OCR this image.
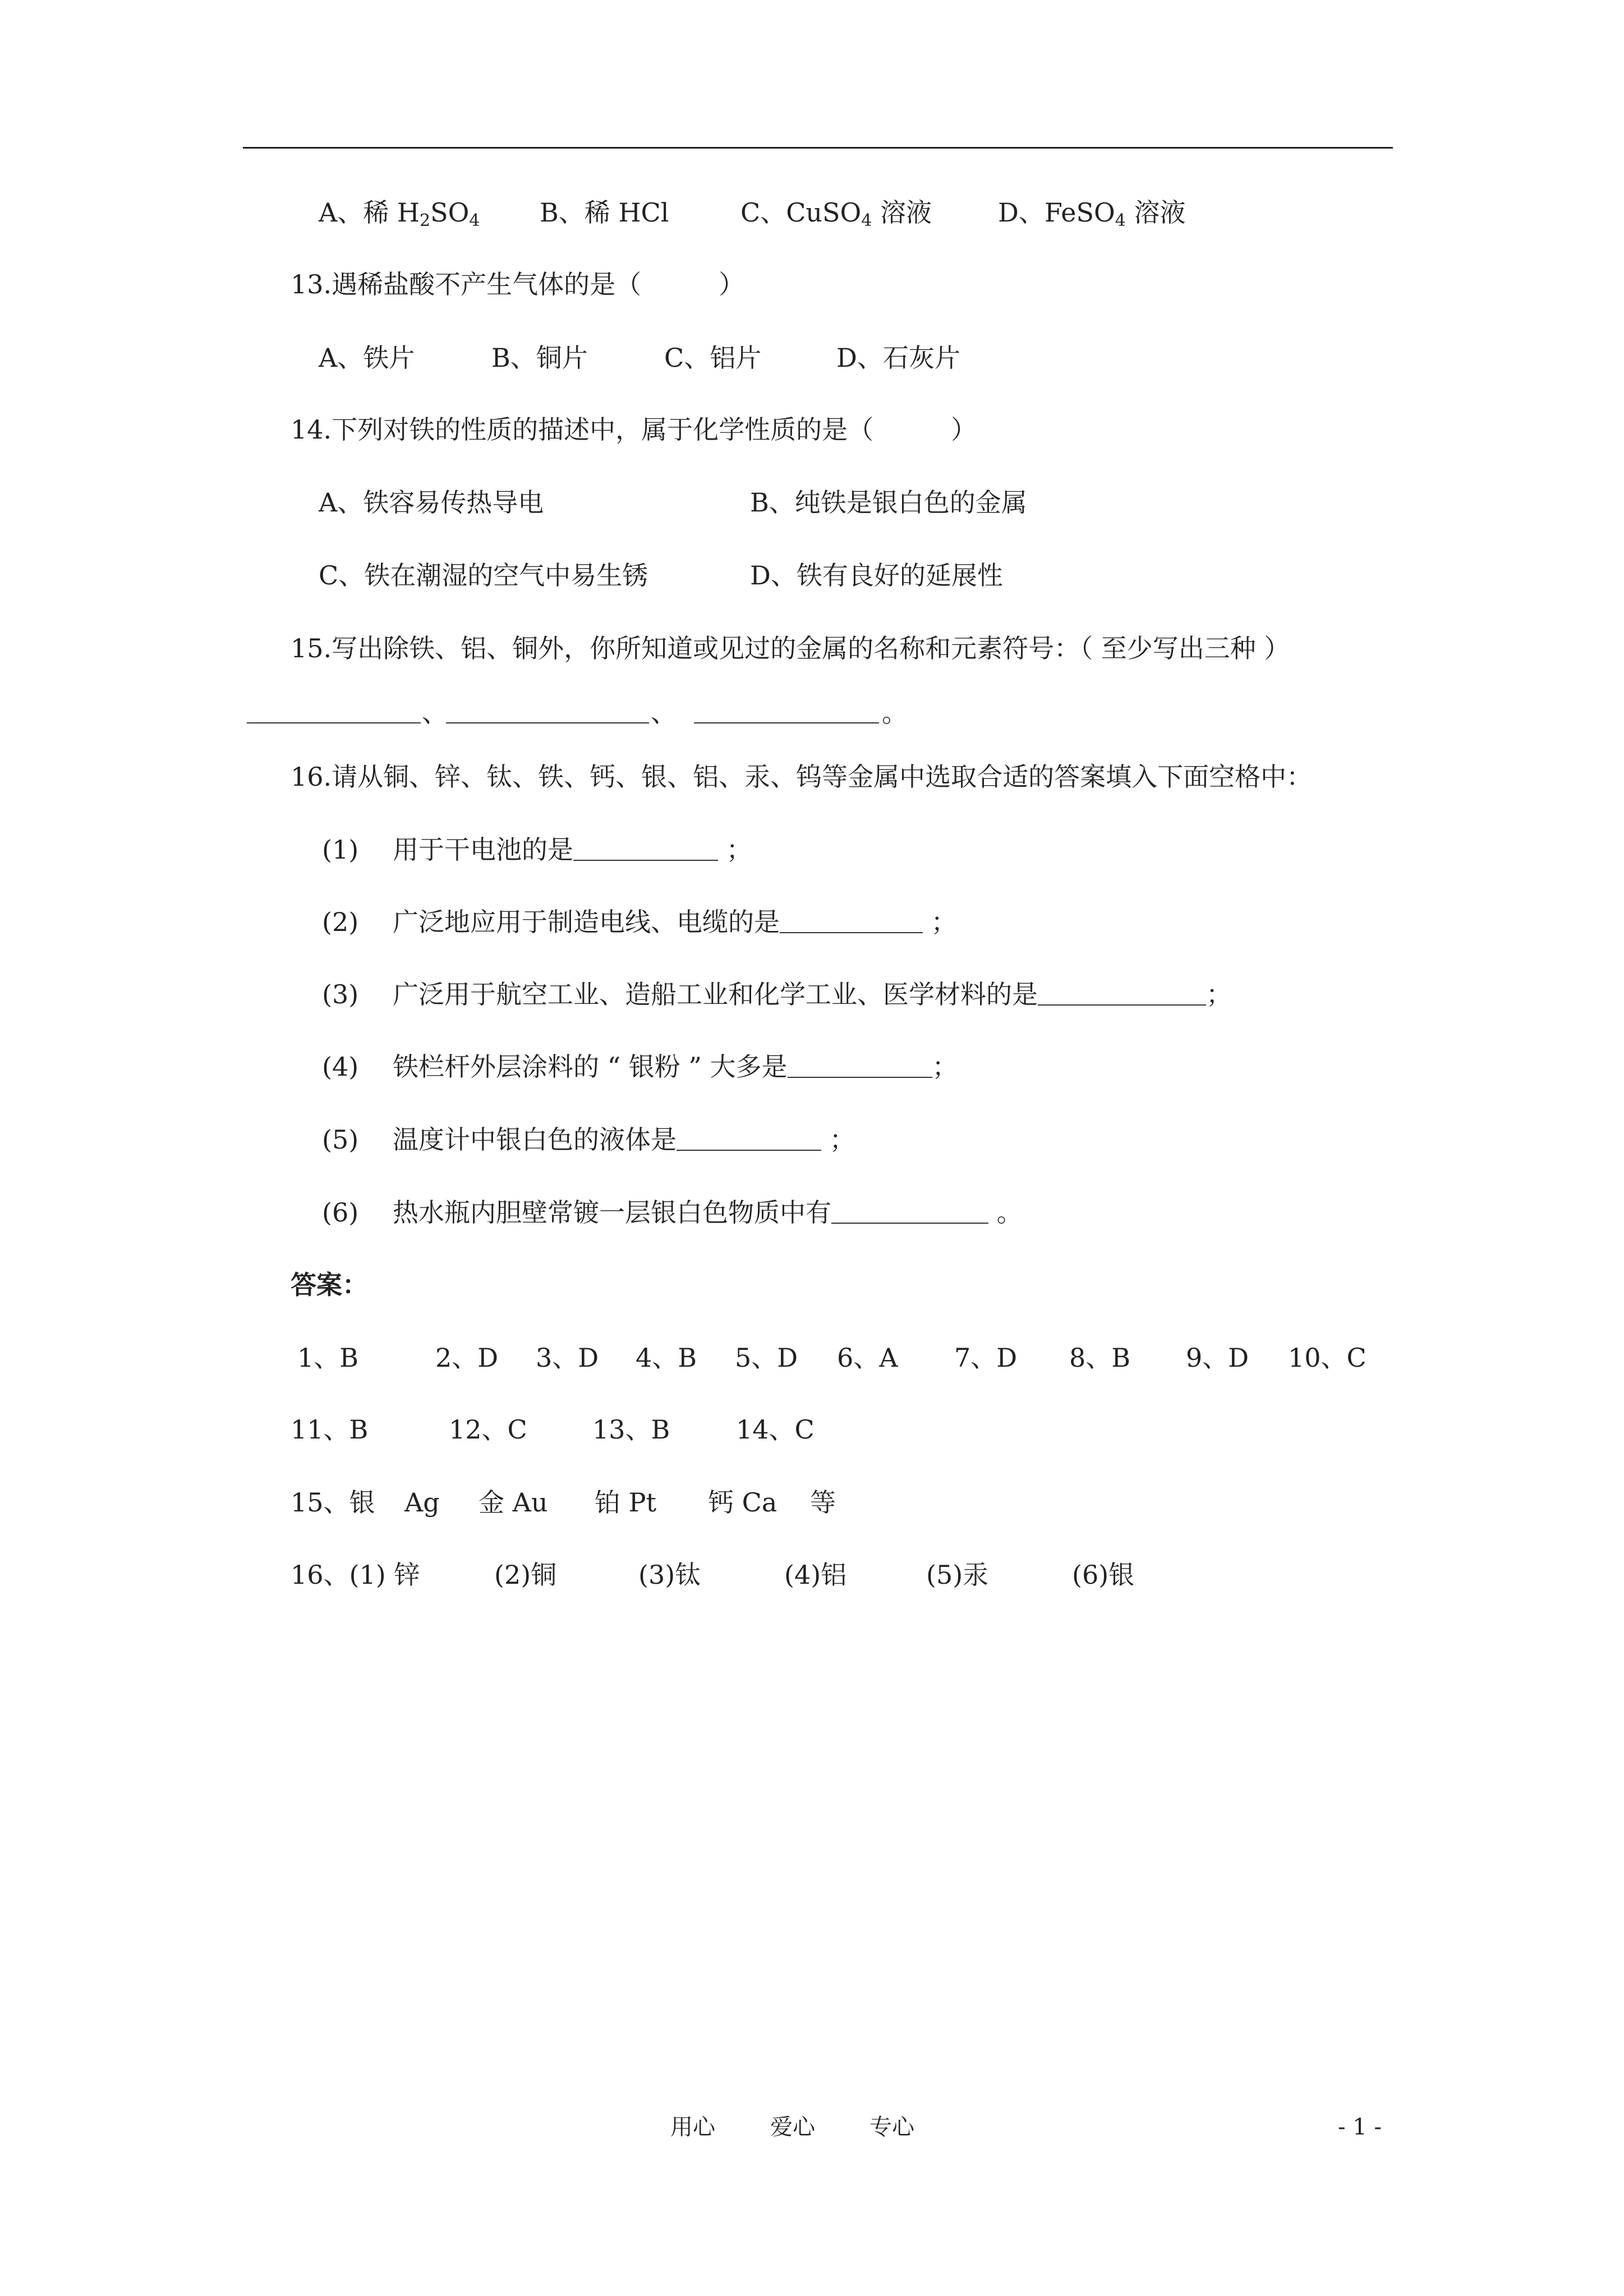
A、稀 $H_2SO_4$ B、稀 HCl	C、CuSO$_4$ 溶液	D、FeSO$_4$ 溶液
13.遇稀盐酸不产生气体的是（　　　）
A、铁片	B、铜片	C、铝片	D、石灰片
14.下列对铁的性质的描述中，属于化学性质的是（　　　）
A、铁容易传热导电	B、纯铁是银白色的金属
C、铁在潮湿的空气中易生锈	D、铁有良好的延展性
15.写出除铁、铝、铜外，你所知道或见过的金属的名称和元素符号：（ 至少写出三种 ）
、	、	。
16.请从铜、锌、钛、铁、钙、银、铝、汞、钨等金属中选取合适的答案填入下面空格中：
(1) 用于干电池的是	；
(2) 广泛地应用于制造电线、电缆的是	；
(3) 广泛用于航空工业、造船工业和化学工业、医学材料的是	；
(4) 铁栏杆外层涂料的 “ 银粉 ” 大多是	；
(5) 温度计中银白色的液体是	；
(6) 热水瓶内胆壁常镀一层银白色物质中有	。
答案：
1、B	2、D 3、D 4、B 5、D 6、A 7、D 8、B 9、D 10、C
11、B	12、C	13、B	14、C
15、银 Ag 金 Au 铂 Pt 钙 Ca 等
16、(1) 锌	(2)铜	(3)钛	(4)铝	(5)汞	(6)银
用心 爱心 专心	- 1 -
